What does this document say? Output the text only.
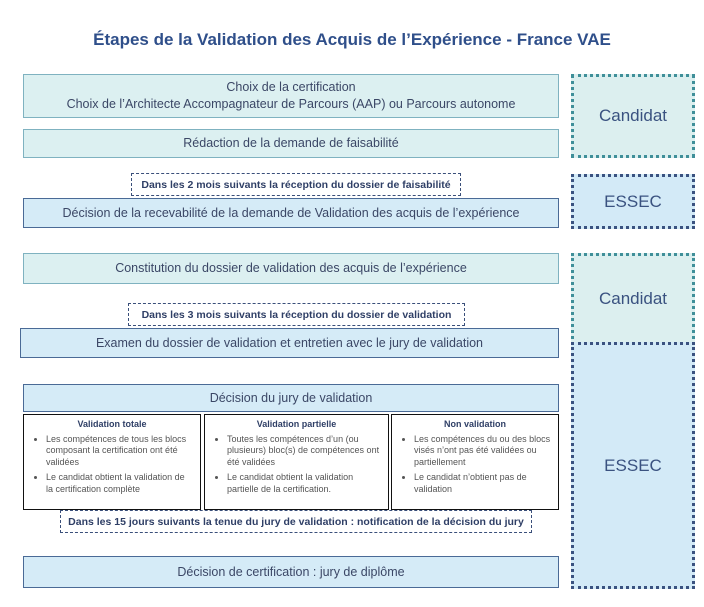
Étapes de la Validation des Acquis de l’Expérience - France VAE
Choix de la certification
Choix de l’Architecte Accompagnateur de Parcours (AAP) ou Parcours autonome
Rédaction de la demande de faisabilité
Dans les 2 mois suivants la réception du dossier de faisabilité
Décision de la recevabilité de la demande de Validation des acquis de l’expérience
Constitution du dossier de validation des acquis de l’expérience
Dans les 3 mois suivants la réception du dossier de validation
Examen du dossier de validation et entretien avec le jury de validation
Décision du jury de validation
Validation totale
• Les compétences de tous les blocs composant la certification ont été validées
• Le candidat obtient la validation de la certification complète
Validation partielle
• Toutes les compétences d’un (ou plusieurs) bloc(s) de compétences ont été validées
• Le candidat obtient la validation partielle de la certification.
Non validation
• Les compétences du ou des blocs visés n’ont pas été validées ou partiellement
• Le candidat n’obtient pas de validation
Dans les 15 jours suivants la tenue du jury de validation : notification de la décision du jury
Décision de certification : jury de diplôme
Candidat
ESSEC
Candidat
ESSEC
